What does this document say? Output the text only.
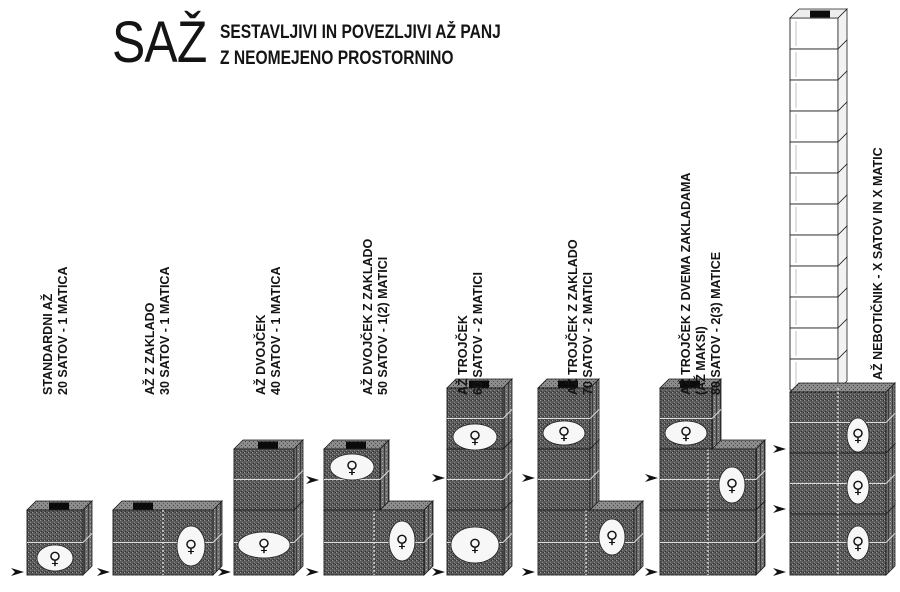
SAŽ SESTAVLJIVI IN POVEZLJIVI AŽ PANJ
Z NEOMEJENO PROSTORNINO
♀
STANDARDNI AŽ20 SATOV - 1 MATICA
♀
AŽ Z ZAKLADO30 SATOV - 1 MATICA
♀
AŽ DVOJČEK40 SATOV - 1 MATICA
♀
♀
AŽ DVOJČEK Z ZAKLADO50 SATOV - 1(2) MATICI
♀
♀
AŽ TROJČEK60 SATOV - 2 MATICI
♀
♀
AŽ TROJČEK Z ZAKLADO70 SATOV - 2 MATICI
♀
♀
AŽ TROJČEK Z DVEMA ZAKLADAMA(AŽ MAKSI)80 SATOV - 2(3) MATICE
♀
♀
♀
AŽ NEBOTIČNIK - X SATOV IN X MATIC
